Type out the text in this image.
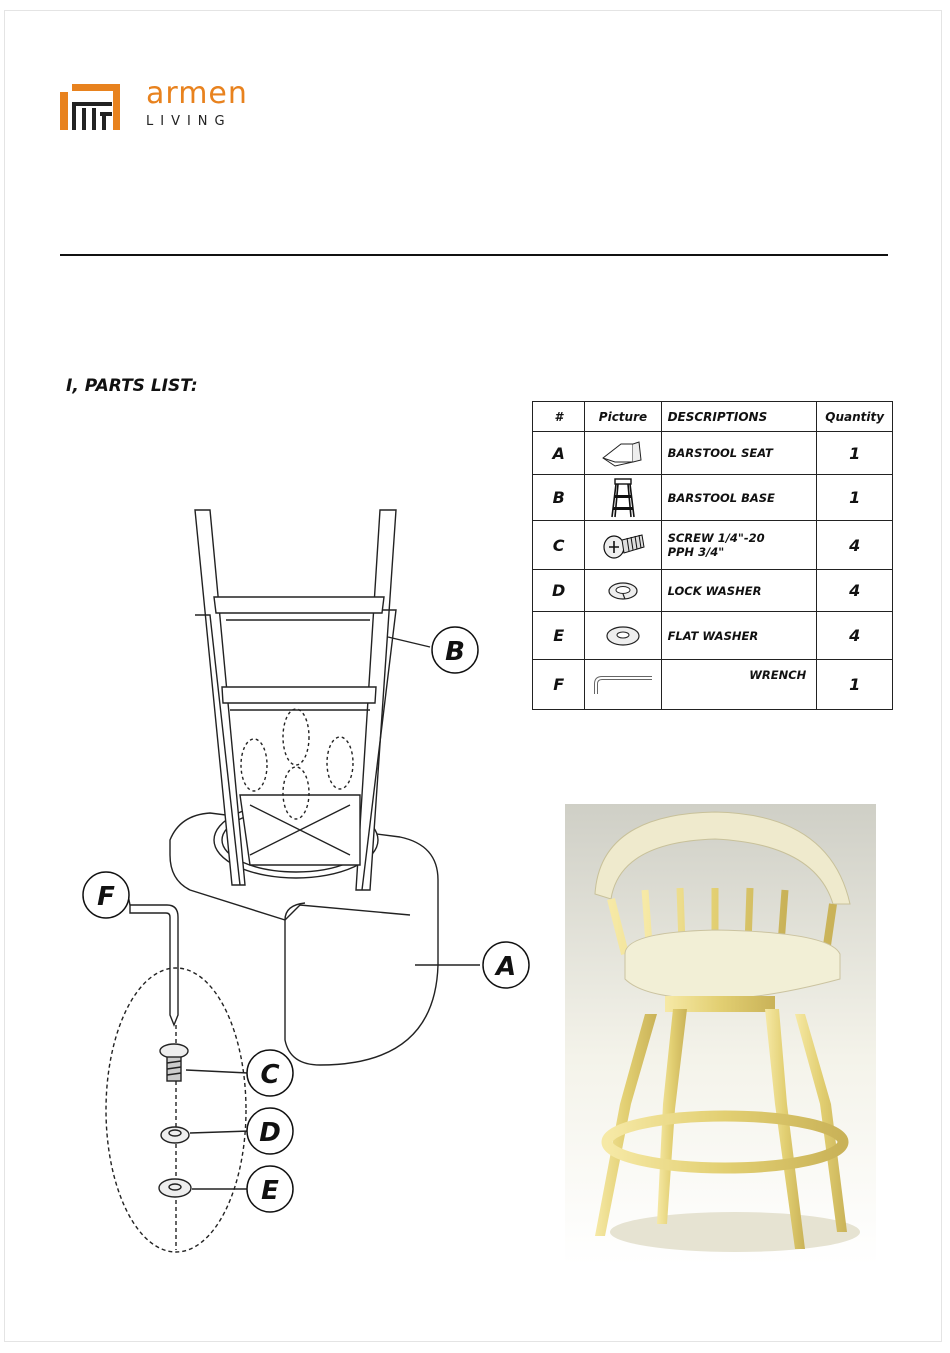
armen
LIVING
I, PARTS LIST:
#	Picture	DESCRIPTIONS	Quantity
A		BARSTOOL SEAT	1
B		BARSTOOL BASE	1
C		SCREW 1/4"-20
PPH 3/4"	4
D		LOCK WASHER	4
E		FLAT WASHER	4
F		WRENCH	1
B
A
F
C
D
E
